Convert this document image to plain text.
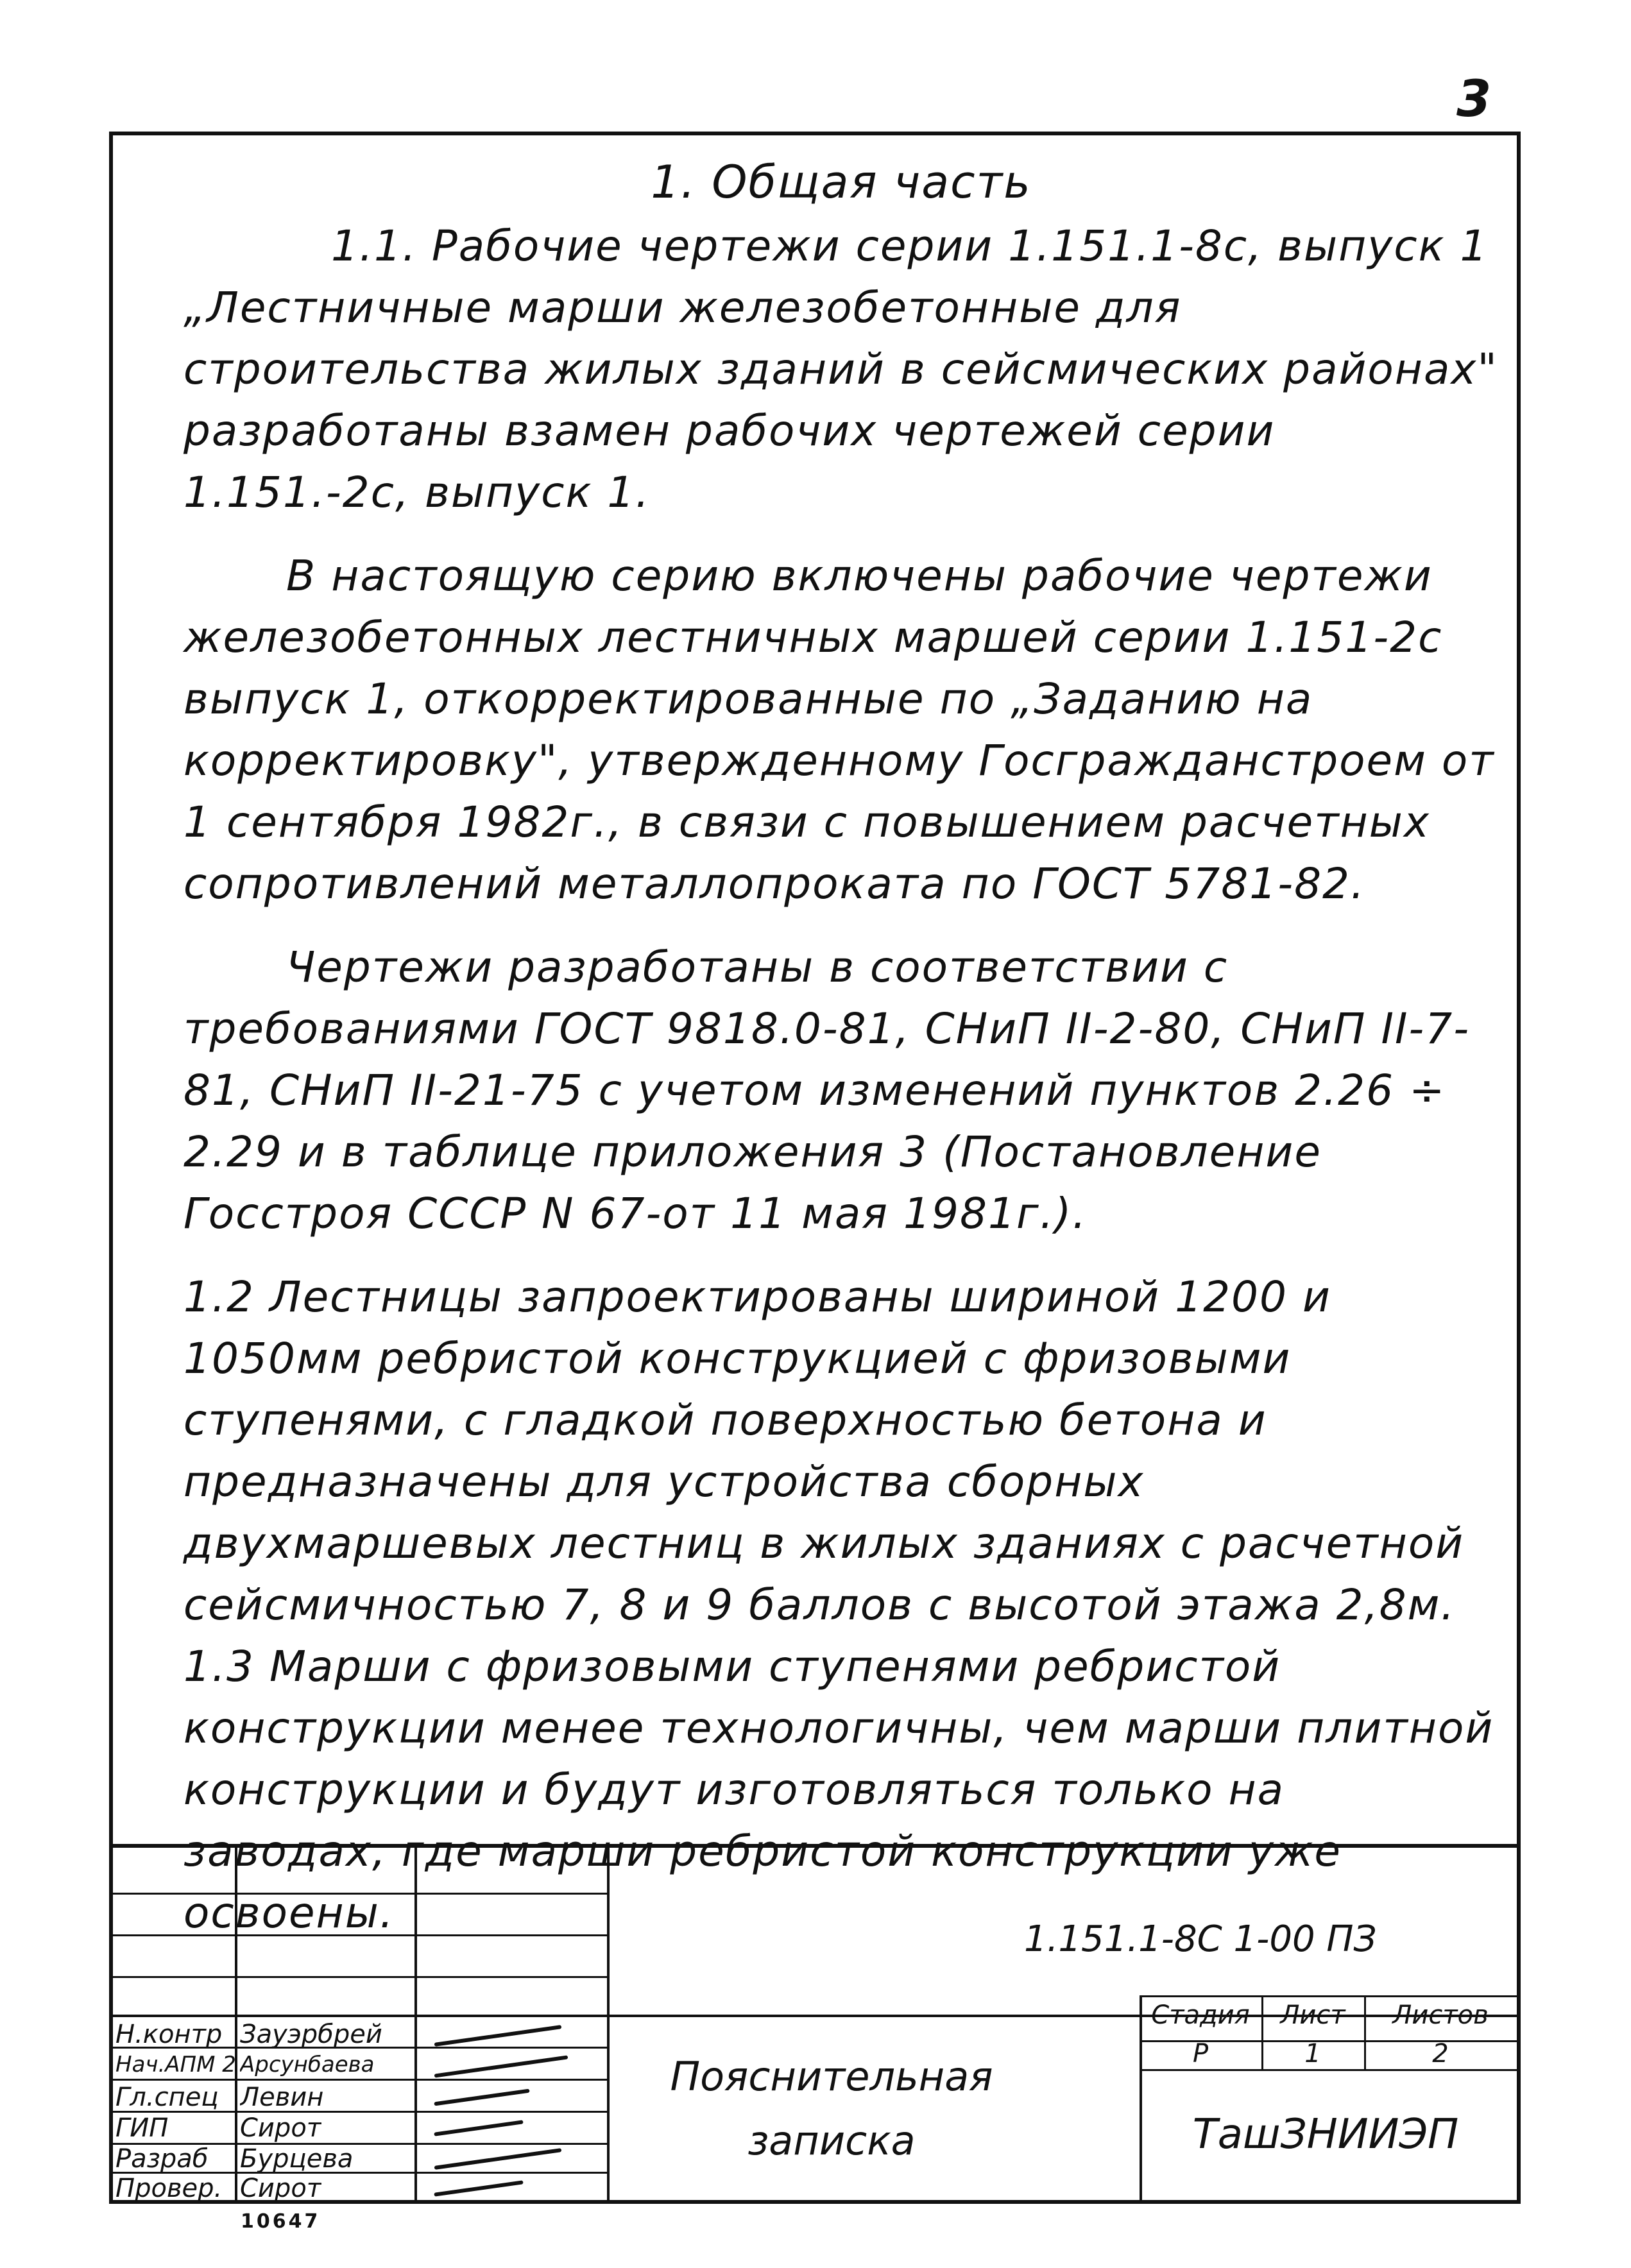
3
1. Общая часть

1.1. Рабочие чертежи серии 1.151.1-8с, выпуск 1 „Лестничные марши железобетонные для строительства жилых зданий в сейсмических районах" разработаны взамен рабочих чертежей серии 1.151.-2с, выпуск 1.

В настоящую серию включены рабочие чертежи железобетонных лестничных маршей серии 1.151-2с выпуск 1, откорректированные по „Заданию на корректировку", утвержденному Госгражданстроем от 1 сентября 1982г., в связи с повышением расчетных сопротивлений металлопроката по ГОСТ 5781-82.

Чертежи разработаны в соответствии с требованиями ГОСТ 9818.0-81, СНиП II-2-80, СНиП II-7-81, СНиП II-21-75 с учетом изменений пунктов 2.26 ÷ 2.29 и в таблице приложения 3 (Постановление Госстроя СССР N 67-от 11 мая 1981г.).

1.2 Лестницы запроектированы шириной 1200 и 1050мм ребристой конструкцией с фризовыми ступенями, с гладкой поверхностью бетона и предназначены для устройства сборных двухмаршевых лестниц в жилых зданиях с расчетной сейсмичностью 7, 8 и 9 баллов с высотой этажа 2,8м.

1.3 Марши с фризовыми ступенями ребристой конструкции менее технологичны, чем марши плитной конструкции и будут изготовляться только на заводах, где марши ребристой конструкции уже освоены.

Н.контр Зауэрбрей
Нач.АПМ 2 Арсунбаева
Гл.спец Левин
ГИП	Сирот
Разраб Бурцева
Провер. Сирот
1.151.1-8С 1-00 ПЗ
Пояснительная
записка
Стадия	Лист	Листов
Р	1	2
ТашЗНИИЭП
10647
